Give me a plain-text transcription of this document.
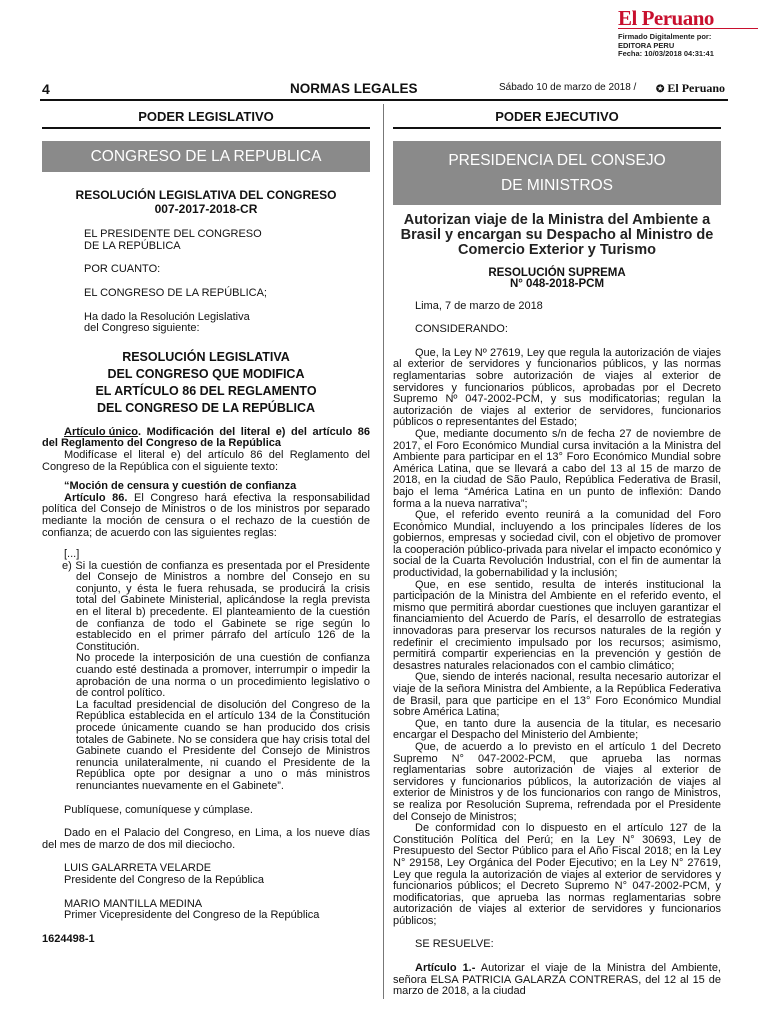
El Peruano
Firmado Digitalmente por:
EDITORA PERU
Fecha: 10/03/2018 04:31:41
4	NORMAS LEGALES	Sábado 10 de marzo de 2018 / ✪ El Peruano

PODER LEGISLATIVO

CONGRESO DE LA REPUBLICA
RESOLUCIÓN LEGISLATIVA DEL CONGRESO
007-2017-2018-CR

EL PRESIDENTE DEL CONGRESO
DE LA REPÚBLICA

POR CUANTO:

EL CONGRESO DE LA REPÚBLICA;

Ha dado la Resolución Legislativa
del Congreso siguiente:

RESOLUCIÓN LEGISLATIVA
DEL CONGRESO QUE MODIFICA
EL ARTÍCULO 86 DEL REGLAMENTO
DEL CONGRESO DE LA REPÚBLICA

Artículo único. Modificación del literal e) del artículo 86 del Reglamento del Congreso de la República

Modifícase el literal e) del artículo 86 del Reglamento del Congreso de la República con el siguiente texto:

“Moción de censura y cuestión de confianza

Artículo 86. El Congreso hará efectiva la responsabilidad política del Consejo de Ministros o de los ministros por separado mediante la moción de censura o el rechazo de la cuestión de confianza; de acuerdo con las siguientes reglas:

[...]

e) Si la cuestión de confianza es presentada por el Presidente del Consejo de Ministros a nombre del Consejo en su conjunto, y ésta le fuera rehusada, se producirá la crisis total del Gabinete Ministerial, aplicándose la regla prevista en el literal b) precedente. El planteamiento de la cuestión de confianza de todo el Gabinete se rige según lo establecido en el primer párrafo del artículo 126 de la Constitución.

No procede la interposición de una cuestión de confianza cuando esté destinada a promover, interrumpir o impedir la aprobación de una norma o un procedimiento legislativo o de control político.

La facultad presidencial de disolución del Congreso de la República establecida en el artículo 134 de la Constitución procede únicamente cuando se han producido dos crisis totales de Gabinete. No se considera que hay crisis total del Gabinete cuando el Presidente del Consejo de Ministros renuncia unilateralmente, ni cuando el Presidente de la República opte por designar a uno o más ministros renunciantes nuevamente en el Gabinete”.

Publíquese, comuníquese y cúmplase.

Dado en el Palacio del Congreso, en Lima, a los nueve días del mes de marzo de dos mil dieciocho.

LUIS GALARRETA VELARDE
Presidente del Congreso de la República
MARIO MANTILLA MEDINA
Primer Vicepresidente del Congreso de la República

1624498-1

PODER EJECUTIVO

PRESIDENCIA DEL CONSEJO
DE MINISTROS

Autorizan viaje de la Ministra del Ambiente a Brasil y encargan su Despacho al Ministro de Comercio Exterior y Turismo

RESOLUCIÓN SUPREMA
N° 048-2018-PCM

Lima, 7 de marzo de 2018

CONSIDERANDO:

Que, la Ley Nº 27619, Ley que regula la autorización de viajes al exterior de servidores y funcionarios públicos, y las normas reglamentarias sobre autorización de viajes al exterior de servidores y funcionarios públicos, aprobadas por el Decreto Supremo Nº 047-2002-PCM, y sus modificatorias; regulan la autorización de viajes al exterior de servidores, funcionarios públicos o representantes del Estado;

Que, mediante documento s/n de fecha 27 de noviembre de 2017, el Foro Económico Mundial cursa invitación a la Ministra del Ambiente para participar en el 13° Foro Económico Mundial sobre América Latina, que se llevará a cabo del 13 al 15 de marzo de 2018, en la ciudad de São Paulo, República Federativa de Brasil, bajo el lema “América Latina en un punto de inflexión: Dando forma a la nueva narrativa”;

Que, el referido evento reunirá a la comunidad del Foro Económico Mundial, incluyendo a los principales líderes de los gobiernos, empresas y sociedad civil, con el objetivo de promover la cooperación público-privada para nivelar el impacto económico y social de la Cuarta Revolución Industrial, con el fin de aumentar la productividad, la gobernabilidad y la inclusión;

Que, en ese sentido, resulta de interés institucional la participación de la Ministra del Ambiente en el referido evento, el mismo que permitirá abordar cuestiones que incluyen garantizar el financiamiento del Acuerdo de París, el desarrollo de estrategias innovadoras para preservar los recursos naturales de la región y redefinir el crecimiento impulsado por los recursos; asimismo, permitirá compartir experiencias en la prevención y gestión de desastres naturales relacionados con el cambio climático;

Que, siendo de interés nacional, resulta necesario autorizar el viaje de la señora Ministra del Ambiente, a la República Federativa de Brasil, para que participe en el 13° Foro Económico Mundial sobre América Latina;

Que, en tanto dure la ausencia de la titular, es necesario encargar el Despacho del Ministerio del Ambiente;

Que, de acuerdo a lo previsto en el artículo 1 del Decreto Supremo N° 047-2002-PCM, que aprueba las normas reglamentarias sobre autorización de viajes al exterior de servidores y funcionarios públicos, la autorización de viajes al exterior de Ministros y de los funcionarios con rango de Ministros, se realiza por Resolución Suprema, refrendada por el Presidente del Consejo de Ministros;

De conformidad con lo dispuesto en el artículo 127 de la Constitución Política del Perú; en la Ley N° 30693, Ley de Presupuesto del Sector Público para el Año Fiscal 2018; en la Ley N° 29158, Ley Orgánica del Poder Ejecutivo; en la Ley N° 27619, Ley que regula la autorización de viajes al exterior de servidores y funcionarios públicos; el Decreto Supremo N° 047-2002-PCM, y modificatorias, que aprueba las normas reglamentarias sobre autorización de viajes al exterior de servidores y funcionarios públicos;

SE RESUELVE:

Artículo 1.- Autorizar el viaje de la Ministra del Ambiente, señora ELSA PATRICIA GALARZA CONTRERAS, del 12 al 15 de marzo de 2018, a la ciudad
